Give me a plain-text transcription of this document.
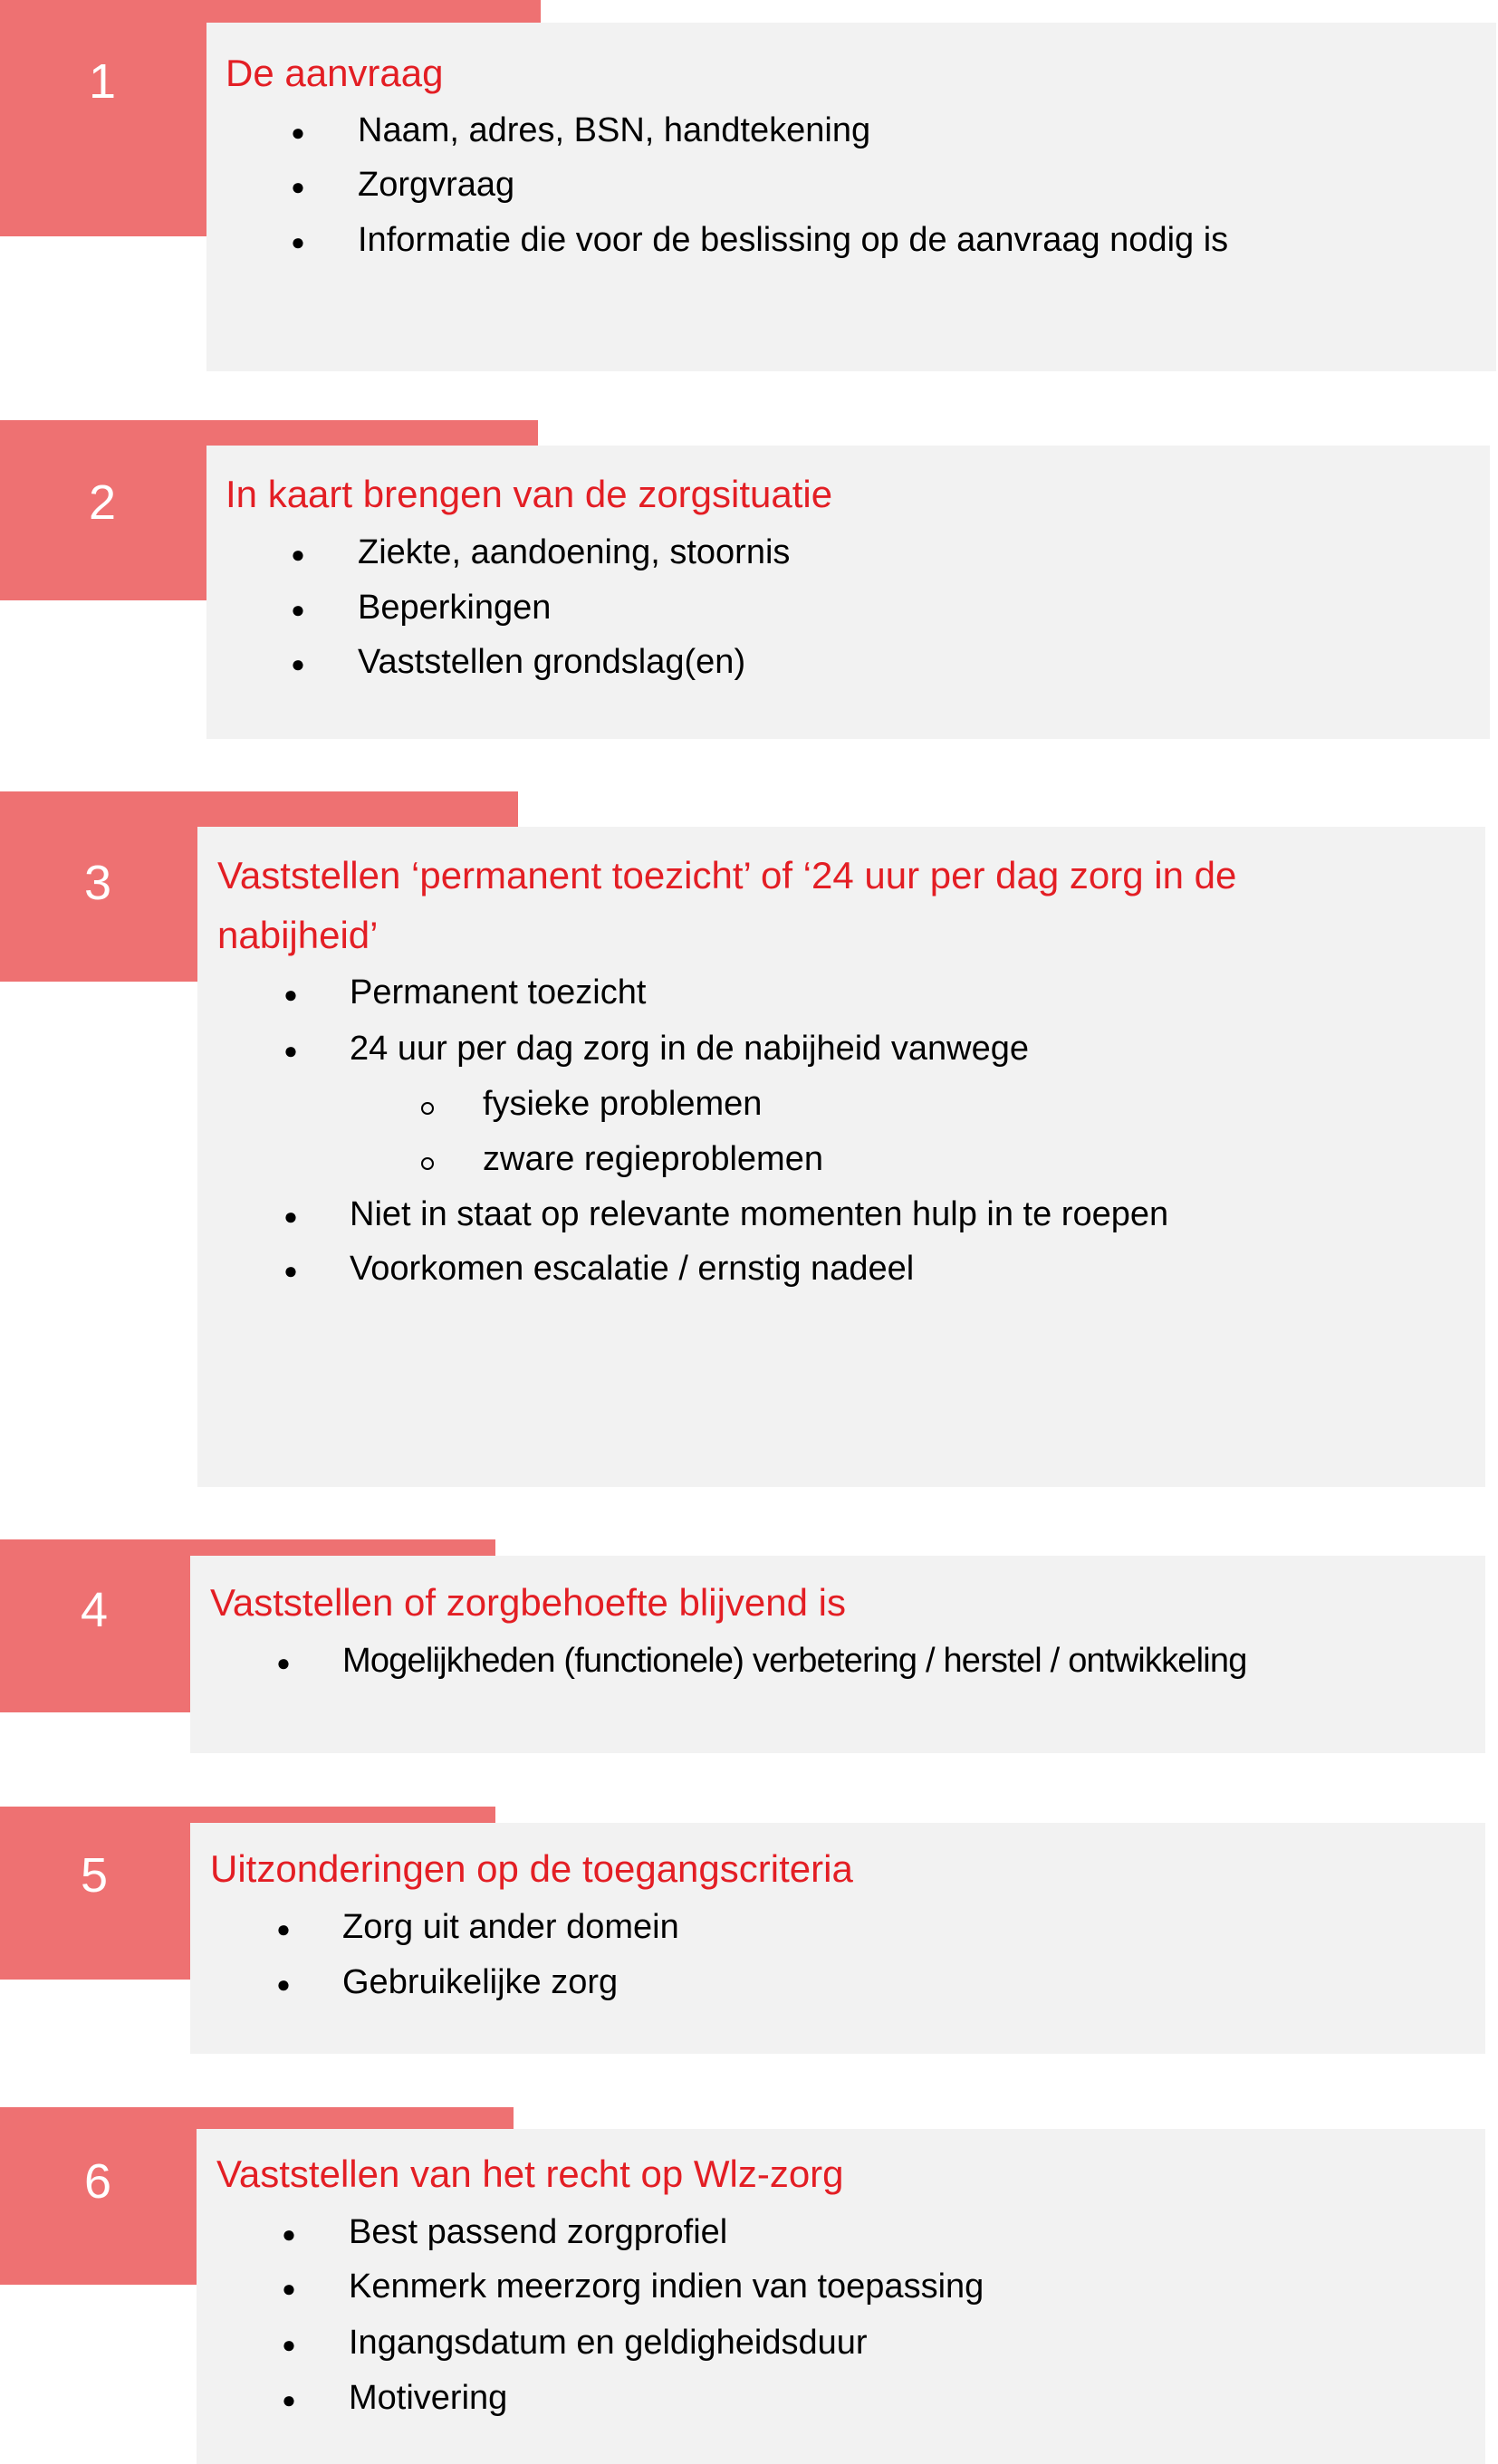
1	De aanvraag
● Naam, adres, BSN, handtekening
● Zorgvraag
● Informatie die voor de beslissing op de aanvraag nodig is
2	In kaart brengen van de zorgsituatie
● Ziekte, aandoening, stoornis
● Beperkingen
● Vaststellen grondslag(en)
3	Vaststellen ‘permanent toezicht’ of ‘24 uur per dag zorg in de
nabijheid’
● Permanent toezicht
● 24 uur per dag zorg in de nabijheid vanwege
fysieke problemen
zware regieproblemen
● Niet in staat op relevante momenten hulp in te roepen
● Voorkomen escalatie / ernstig nadeel
4	Vaststellen of zorgbehoefte blijvend is
● Mogelijkheden (functionele) verbetering / herstel / ontwikkeling
5	Uitzonderingen op de toegangscriteria
● Zorg uit ander domein
● Gebruikelijke zorg
6	Vaststellen van het recht op Wlz-zorg
● Best passend zorgprofiel
● Kenmerk meerzorg indien van toepassing
● Ingangsdatum en geldigheidsduur
● Motivering
